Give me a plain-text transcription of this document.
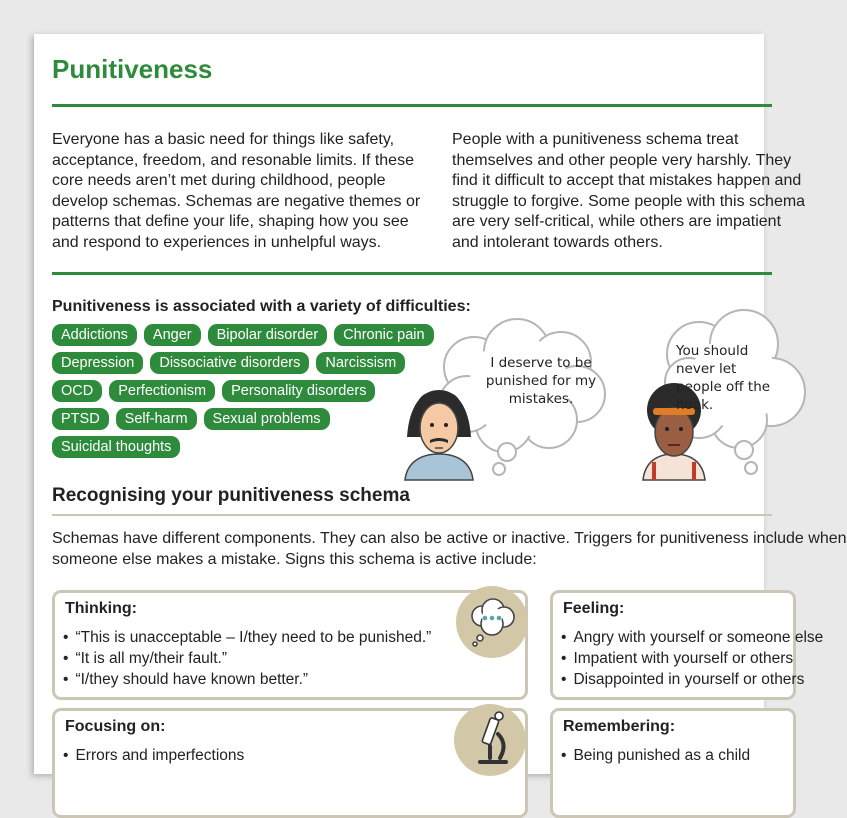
Punitiveness

Everyone has a basic need for things like safety, acceptance, freedom, and resonable limits. If these core needs aren’t met during childhood, people develop schemas. Schemas are negative themes or patterns that define your life, shaping how you see and respond to experiences in unhelpful ways.

People with a punitiveness schema treat themselves and other people very harshly. They find it difficult to accept that mistakes happen and struggle to forgive. Some people with this schema are very self-critical, while others are impatient and intolerant towards others.

Punitiveness is associated with a variety of difficulties:
Addictions	Anger	Bipolar disorder	Chronic pain
Depression	Dissociative disorders	Narcissism
OCD	Perfectionism	Personality disorders
PTSD	Self-harm	Sexual problems
Suicidal thoughts
I deserve to be punished for my mistakes.
You should never let people off the hook.
Recognising your punitiveness schema

Schemas have different components. They can also be active or inactive. Triggers for punitiveness include when
someone else makes a mistake. Signs this schema is active include:

Thinking:
• “This is unacceptable – I/they need to be punished.”
• “It is all my/their fault.”
• “I/they should have known better.”
Feeling:
• Angry with yourself or someone else
• Impatient with yourself or others
• Disappointed in yourself or others
Focusing on:
• Errors and imperfections
Remembering:
• Being punished as a child
